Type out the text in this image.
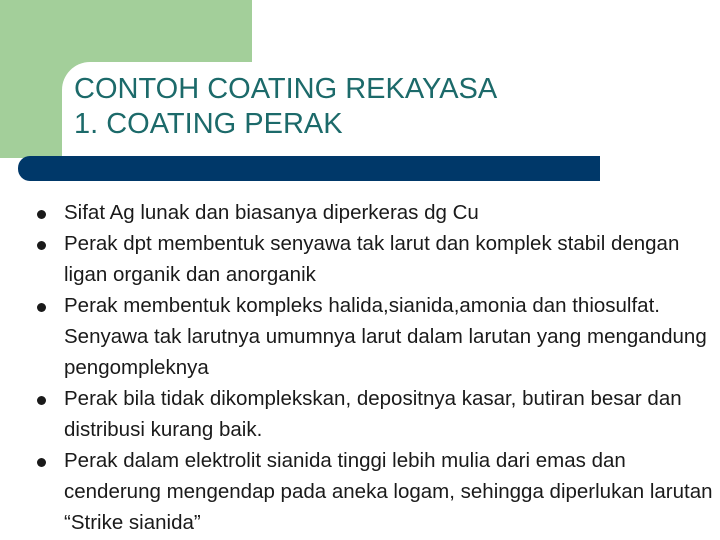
CONTOH COATING REKAYASA
1. COATING PERAK
Sifat Ag lunak dan biasanya diperkeras dg Cu
Perak dpt membentuk senyawa tak larut dan komplek stabil dengan ligan organik dan anorganik
Perak membentuk kompleks halida,sianida,amonia dan thiosulfat. Senyawa tak larutnya umumnya larut dalam larutan yang mengandung pengompleknya
Perak bila tidak dikomplekskan, depositnya kasar, butiran besar dan distribusi kurang baik.
Perak dalam elektrolit sianida tinggi lebih mulia dari emas dan cenderung mengendap pada aneka logam, sehingga diperlukan larutan “Strike sianida”
